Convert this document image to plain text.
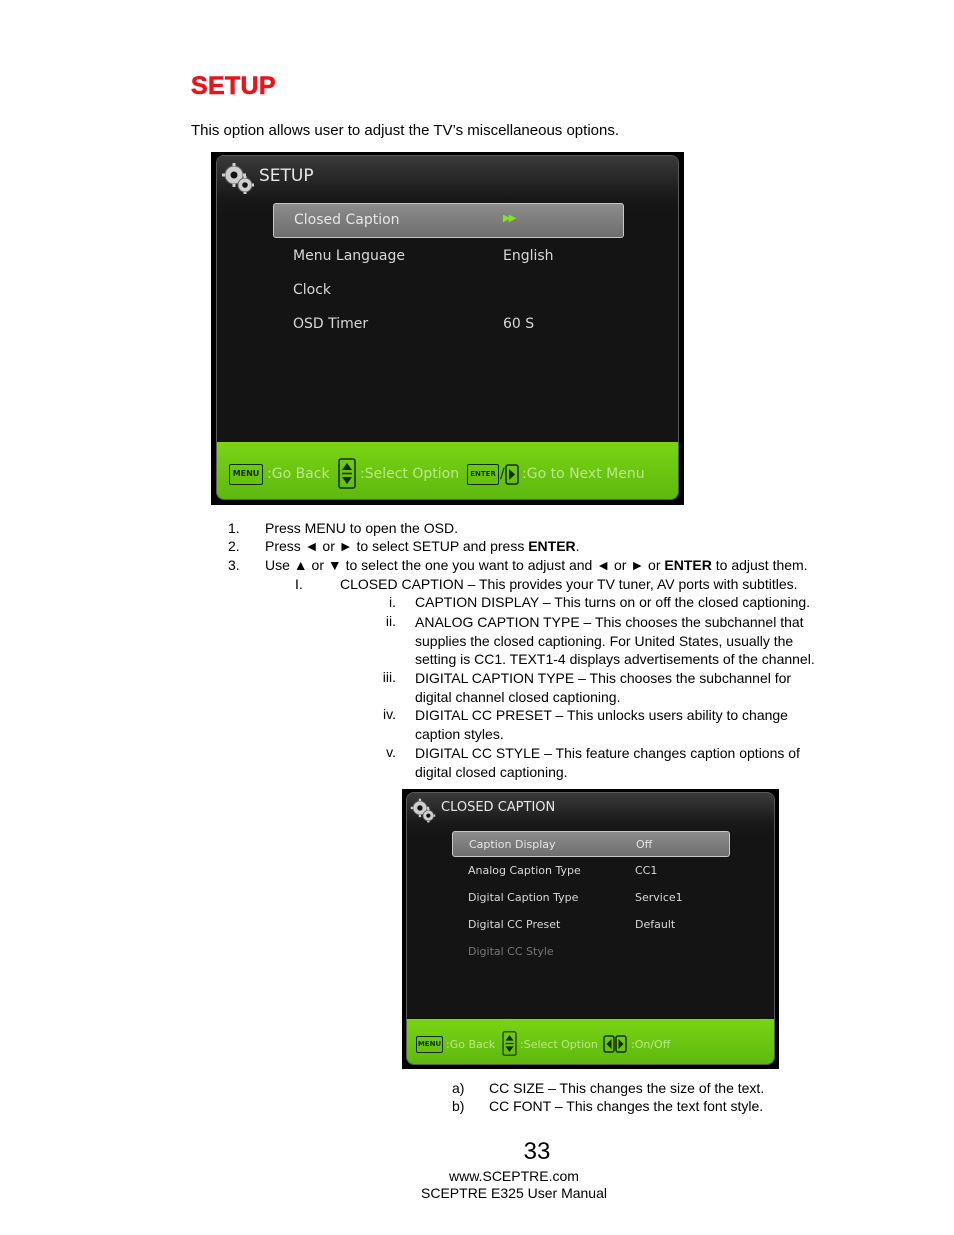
SETUP
This option allows user to adjust the TV’s miscellaneous options.
SETUP
Closed Caption	▶▶
Menu Language	English
Clock
OSD Timer	60 S
MENU :Go Back :Select Option	ENTER / :Go to Next Menu
1. Press MENU to open the OSD.
2. Press ◄ or ► to select SETUP and press ENTER.
3. Use ▲ or ▼ to select the one you want to adjust and ◄ or ► or ENTER to adjust them.
I.	CLOSED CAPTION – This provides your TV tuner, AV ports with subtitles.
i. CAPTION DISPLAY – This turns on or off the closed captioning.
ii. ANALOG CAPTION TYPE – This chooses the subchannel that
supplies the closed captioning. For United States, usually the
setting is CC1. TEXT1-4 displays advertisements of the channel.
iii. DIGITAL CAPTION TYPE – This chooses the subchannel for
digital channel closed captioning.
iv. DIGITAL CC PRESET – This unlocks users ability to change
caption styles.
v. DIGITAL CC STYLE – This feature changes caption options of
digital closed captioning.
CLOSED CAPTION
Caption Display	Off
Analog Caption Type	CC1
Digital Caption Type	Service1
Digital CC Preset	Default
Digital CC Style
MENU :Go Back :Select Option	:On/Off
a) CC SIZE – This changes the size of the text.
b) CC FONT – This changes the text font style.
33
www.SCEPTRE.com
SCEPTRE E325 User Manual
